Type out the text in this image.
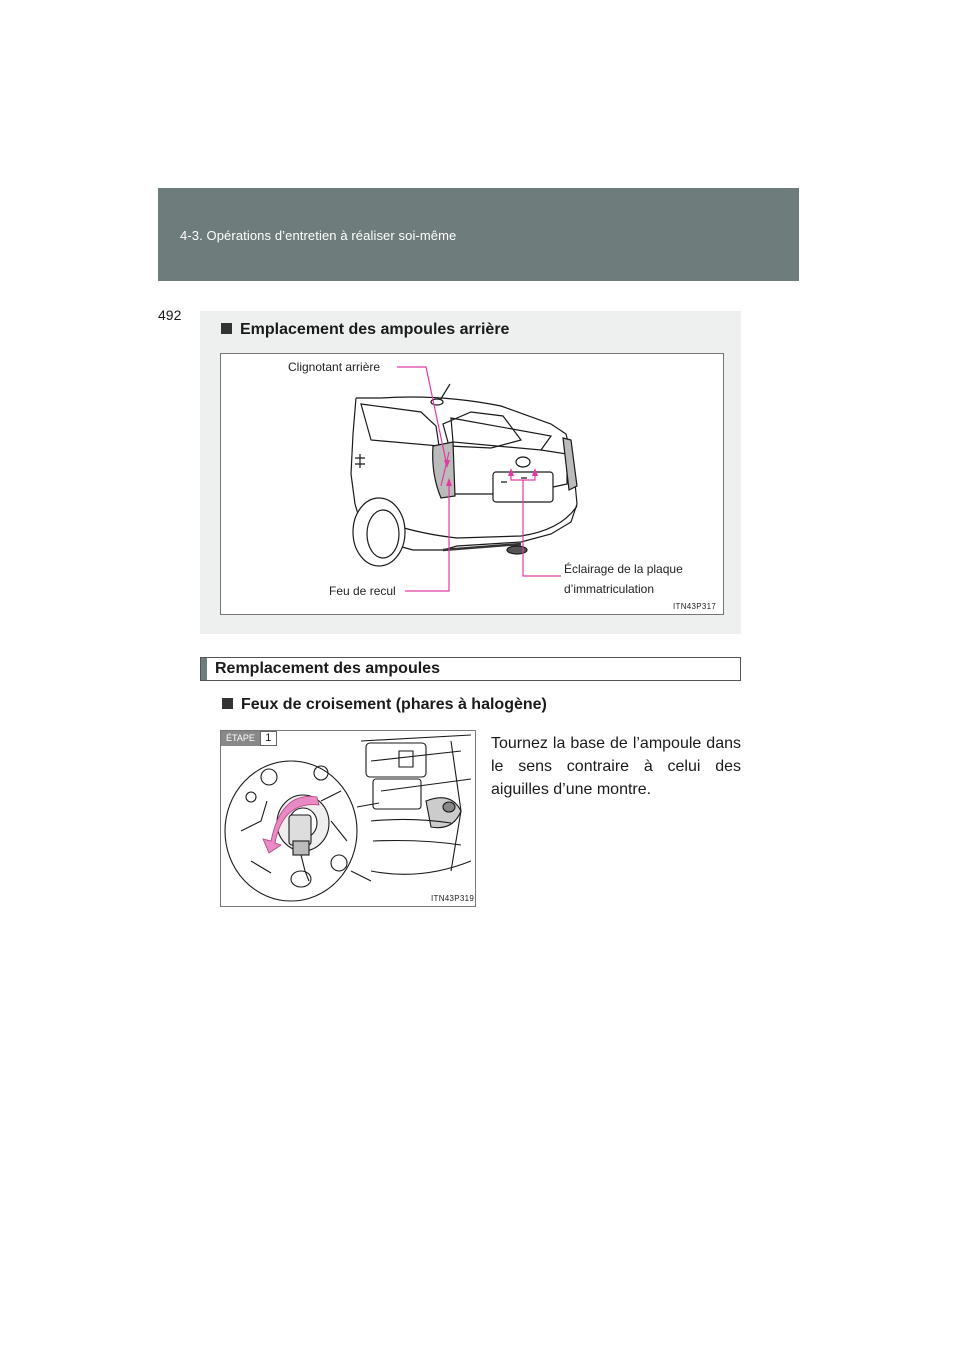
4-3. Opérations d’entretien à réaliser soi-même
492
Emplacement des ampoules arrière
Clignotant arrière
Feu de recul
Éclairage de la plaque
d’immatriculation
ITN43P317
Remplacement des ampoules
Feux de croisement (phares à halogène)
ÉTAPE 1
ITN43P319
Tournez la base de l’ampoule dans le sens contraire à celui des aiguilles d’une montre.
